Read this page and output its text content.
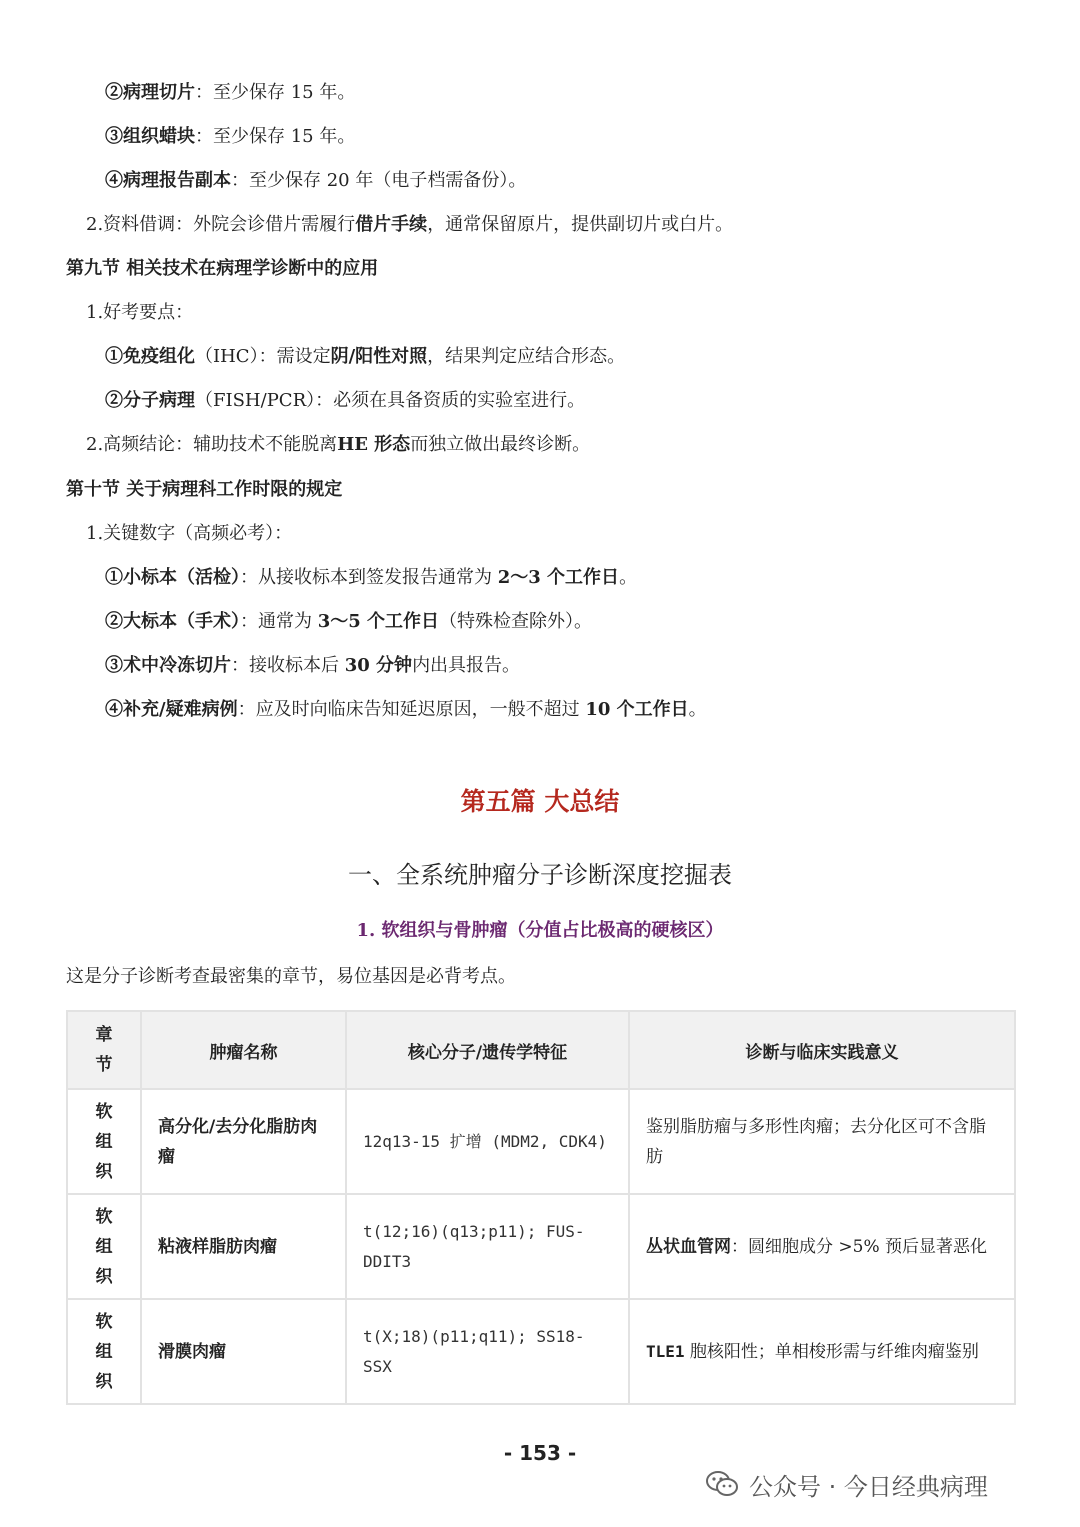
②病理切片：至少保存 15 年。
③组织蜡块：至少保存 15 年。
④病理报告副本：至少保存 20 年（电子档需备份）。
2.资料借调：外院会诊借片需履行借片手续，通常保留原片，提供副切片或白片。
第九节 相关技术在病理学诊断中的应用
1.好考要点：
①免疫组化（IHC）：需设定阴/阳性对照，结果判定应结合形态。
②分子病理（FISH/PCR）：必须在具备资质的实验室进行。
2.高频结论：辅助技术不能脱离HE 形态而独立做出最终诊断。
第十节 关于病理科工作时限的规定
1.关键数字（高频必考）：
①小标本（活检）：从接收标本到签发报告通常为 2～3 个工作日。
②大标本（手术）：通常为 3～5 个工作日（特殊检查除外）。
③术中冷冻切片：接收标本后 30 分钟内出具报告。
④补充/疑难病例：应及时向临床告知延迟原因，一般不超过 10 个工作日。
第五篇 大总结
一、全系统肿瘤分子诊断深度挖掘表
1. 软组织与骨肿瘤（分值占比极高的硬核区）
这是分子诊断考查最密集的章节，易位基因是必背考点。
章节	肿瘤名称	核心分子/遗传学特征	诊断与临床实践意义
软组织	高分化/去分化脂肪肉瘤	12q13-15 扩增 (MDM2, CDK4)	鉴别脂肪瘤与多形性肉瘤；去分化区可不含脂肪
软组织	粘液样脂肪肉瘤	t(12;16)(q13;p11); FUS-DDIT3	丛状血管网：圆细胞成分 >5% 预后显著恶化
软组织	滑膜肉瘤	t(X;18)(p11;q11); SS18-SSX	TLE1 胞核阳性；单相梭形需与纤维肉瘤鉴别
- 153 -
公众号 · 今日经典病理
